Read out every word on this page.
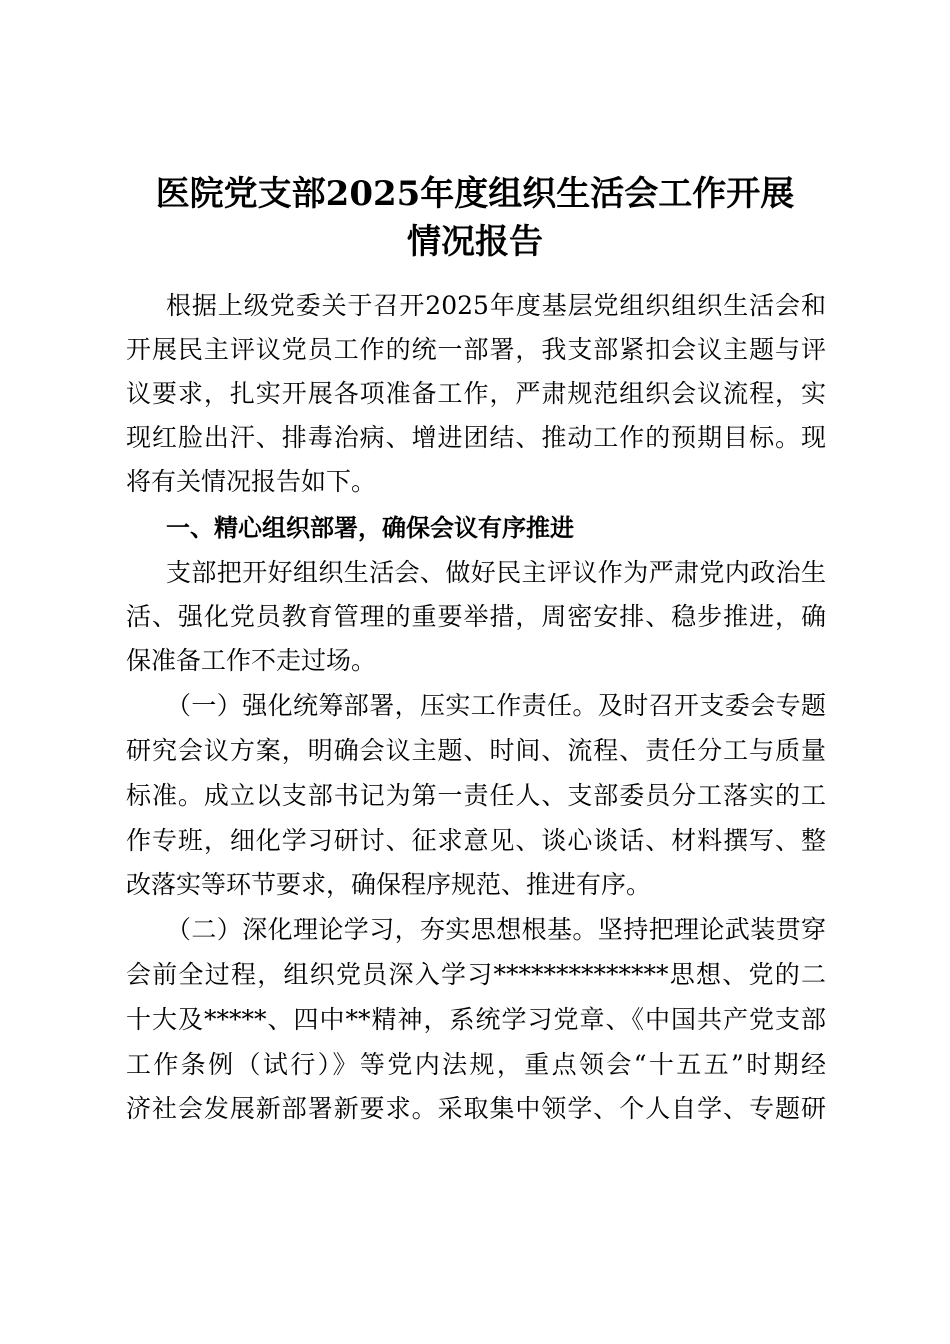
医院党支部2025年度组织生活会工作开展
情况报告
根据上级党委关于召开2025年度基层党组织组织生活会和
开展民主评议党员工作的统一部署，我支部紧扣会议主题与评
议要求，扎实开展各项准备工作，严肃规范组织会议流程，实
现红脸出汗、排毒治病、增进团结、推动工作的预期目标。现
将有关情况报告如下。
一、精心组织部署，确保会议有序推进
支部把开好组织生活会、做好民主评议作为严肃党内政治生
活、强化党员教育管理的重要举措，周密安排、稳步推进，确
保准备工作不走过场。
（一）强化统筹部署，压实工作责任。及时召开支委会专题
研究会议方案，明确会议主题、时间、流程、责任分工与质量
标准。成立以支部书记为第一责任人、支部委员分工落实的工
作专班，细化学习研讨、征求意见、谈心谈话、材料撰写、整
改落实等环节要求，确保程序规范、推进有序。
（二）深化理论学习，夯实思想根基。坚持把理论武装贯穿
会前全过程，组织党员深入学习**************思想、党的二
十大及*****、四中**精神，系统学习党章、《中国共产党支部
工作条例（试行）》等党内法规，重点领会“十五五”时期经
济社会发展新部署新要求。采取集中领学、个人自学、专题研
